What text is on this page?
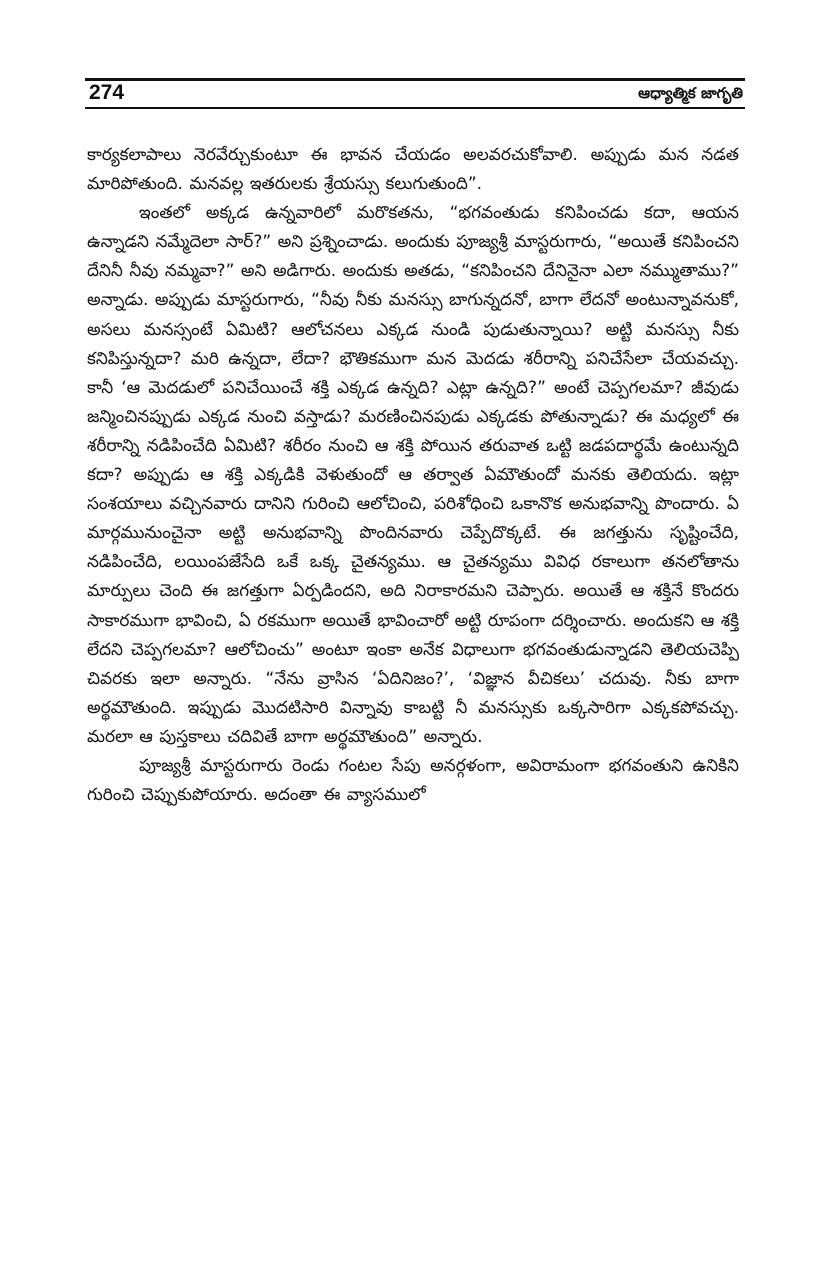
274	ఆధ్యాత్మిక జాగృతి

కార్యకలాపాలు నెరవేర్చుకుంటూ ఈ భావన చేయడం అలవరచుకోవాలి. అప్పుడు మన నడత మారిపోతుంది. మనవల్ల ఇతరులకు శ్రేయస్సు కలుగుతుంది”.

ఇంతలో అక్కడ ఉన్నవారిలో మరొకతను, “భగవంతుడు కనిపించడు కదా, ఆయన ఉన్నాడని నమ్మేదెలా సార్?” అని ప్రశ్నించాడు. అందుకు పూజ్యశ్రీ మాస్టరుగారు, “అయితే కనిపించని దేనినీ నీవు నమ్మవా?” అని అడిగారు. అందుకు అతడు, “కనిపించని దేనినైనా ఎలా నమ్ముతాము?” అన్నాడు. అప్పుడు మాస్టరుగారు, “నీవు నీకు మనస్సు బాగున్నదనో, బాగా లేదనో అంటున్నావనుకో, అసలు మనస్సంటే ఏమిటి? ఆలోచనలు ఎక్కడ నుండి పుడుతున్నాయి? అట్టి మనస్సు నీకు కనిపిస్తున్నదా? మరి ఉన్నదా, లేదా? భౌతికముగా మన మెదడు శరీరాన్ని పనిచేసేలా చేయవచ్చు. కానీ ‘ఆ మెదడులో పనిచేయించే శక్తి ఎక్కడ ఉన్నది? ఎట్లా ఉన్నది?” అంటే చెప్పగలమా? జీవుడు జన్మించినప్పుడు ఎక్కడ నుంచి వస్తాడు? మరణించినపుడు ఎక్కడకు పోతున్నాడు? ఈ మధ్యలో ఈ శరీరాన్ని నడిపించేది ఏమిటి? శరీరం నుంచి ఆ శక్తి పోయిన తరువాత ఒట్టి జడపదార్థమే ఉంటున్నది కదా? అప్పుడు ఆ శక్తి ఎక్కడికి వెళుతుందో ఆ తర్వాత ఏమౌతుందో మనకు తెలియదు. ఇట్లా సంశయాలు వచ్చినవారు దానిని గురించి ఆలోచించి, పరిశోధించి ఒకానొక అనుభవాన్ని పొందారు. ఏ మార్గమునుంచైనా అట్టి అనుభవాన్ని పొందినవారు చెప్పేదొక్కటే. ఈ జగత్తును సృష్టించేది, నడిపించేది, లయింపజేసేది ఒకే ఒక్క చైతన్యము. ఆ చైతన్యము వివిధ రకాలుగా తనలోతాను మార్పులు చెంది ఈ జగత్తుగా ఏర్పడిందని, అది నిరాకారమని చెప్పారు. అయితే ఆ శక్తినే కొందరు సాకారముగా భావించి, ఏ రకముగా అయితే భావించారో అట్టి రూపంగా దర్శించారు. అందుకని ఆ శక్తి లేదని చెప్పగలమా? ఆలోచించు” అంటూ ఇంకా అనేక విధాలుగా భగవంతుడున్నాడని తెలియచెప్పి చివరకు ఇలా అన్నారు. “నేను వ్రాసిన ‘ఏదినిజం?’, ‘విజ్ఞాన వీచికలు’ చదువు. నీకు బాగా అర్థమౌతుంది. ఇప్పుడు మొదటిసారి విన్నావు కాబట్టి నీ మనస్సుకు ఒక్కసారిగా ఎక్కకపోవచ్చు. మరలా ఆ పుస్తకాలు చదివితే బాగా అర్థమౌతుంది” అన్నారు.

పూజ్యశ్రీ మాస్టరుగారు రెండు గంటల సేపు అనర్గళంగా, అవిరామంగా భగవంతుని ఉనికిని గురించి చెప్పుకుపోయారు. అదంతా ఈ వ్యాసములో
